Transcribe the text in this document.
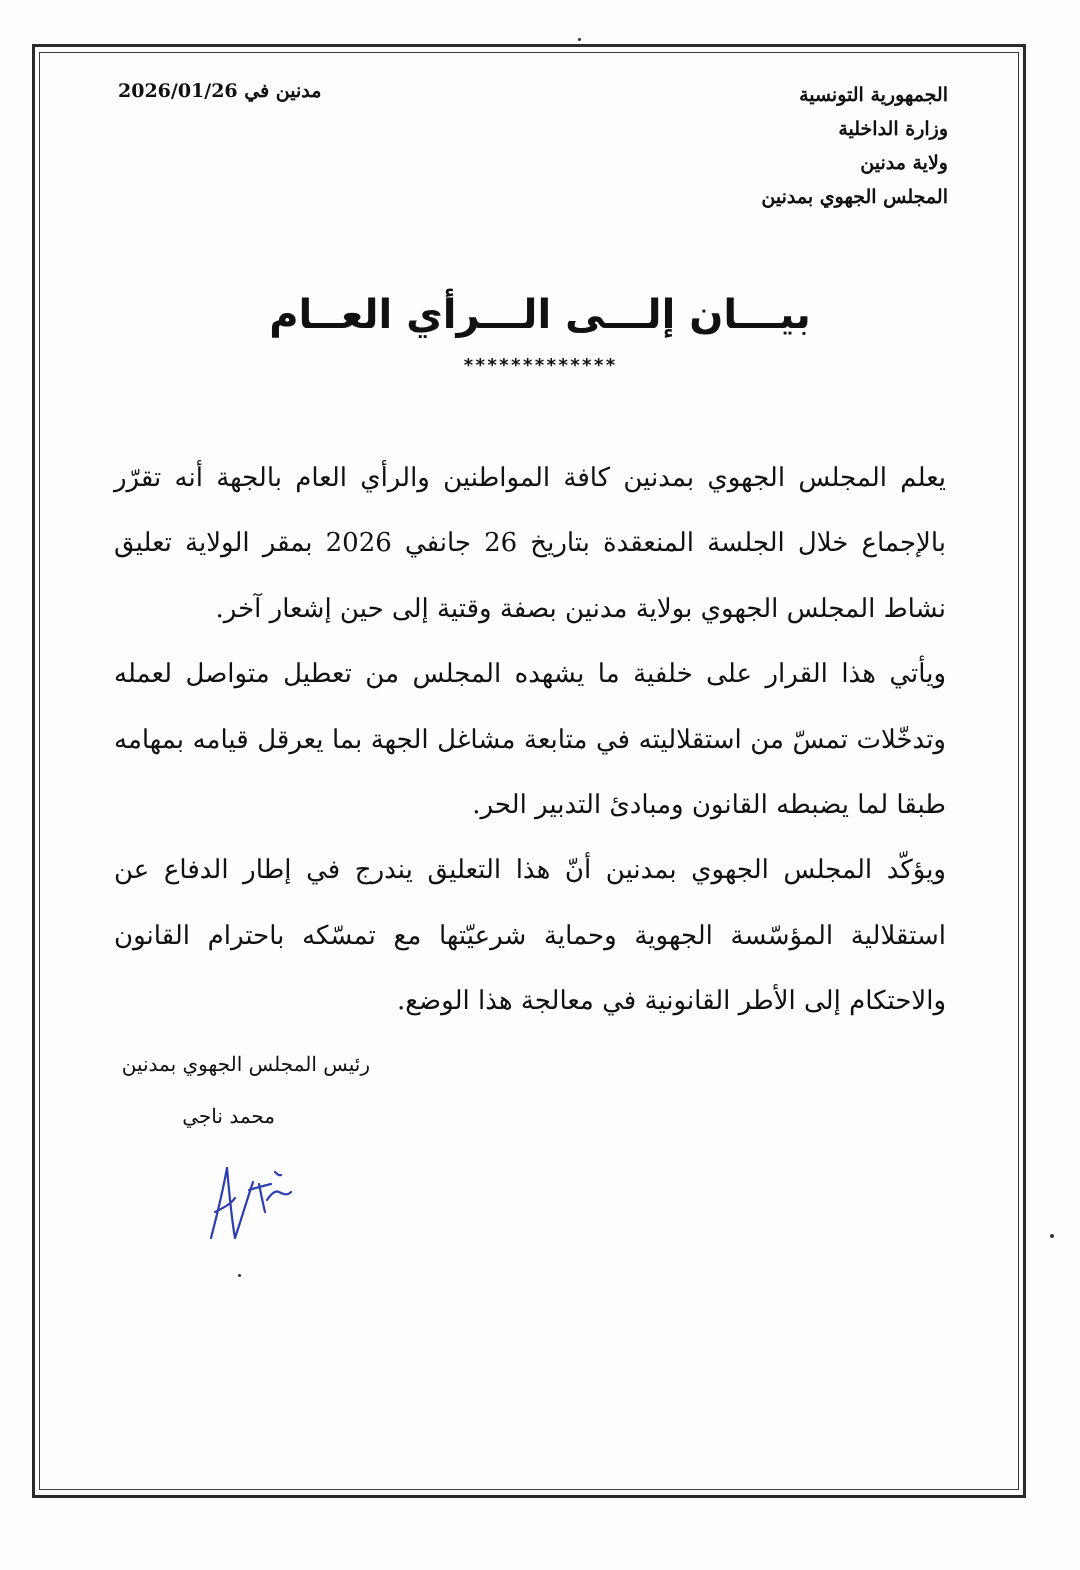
الجمهورية التونسية
وزارة الداخلية
ولاية مدنين
المجلس الجهوي بمدنين
مدنين في 2026/01/26
بيـــان إلـــى الـــرأي العــام
*************

يعلم المجلس الجهوي بمدنين كافة المواطنين والرأي العام بالجهة أنه تقرّر بالإجماع خلال الجلسة المنعقدة بتاريخ 26 جانفي 2026 بمقر الولاية تعليق نشاط المجلس الجهوي بولاية مدنين بصفة وقتية إلى حين إشعار آخر.

ويأتي هذا القرار على خلفية ما يشهده المجلس من تعطيل متواصل لعمله وتدخّلات تمسّ من استقلاليته في متابعة مشاغل الجهة بما يعرقل قيامه بمهامه طبقا لما يضبطه القانون ومبادئ التدبير الحر.

ويؤكّد المجلس الجهوي بمدنين أنّ هذا التعليق يندرج في إطار الدفاع عن استقلالية المؤسّسة الجهوية وحماية شرعيّتها مع تمسّكه باحترام القانون والاحتكام إلى الأطر القانونية في معالجة هذا الوضع.

رئيس المجلس الجهوي بمدنين
محمد ناجي
